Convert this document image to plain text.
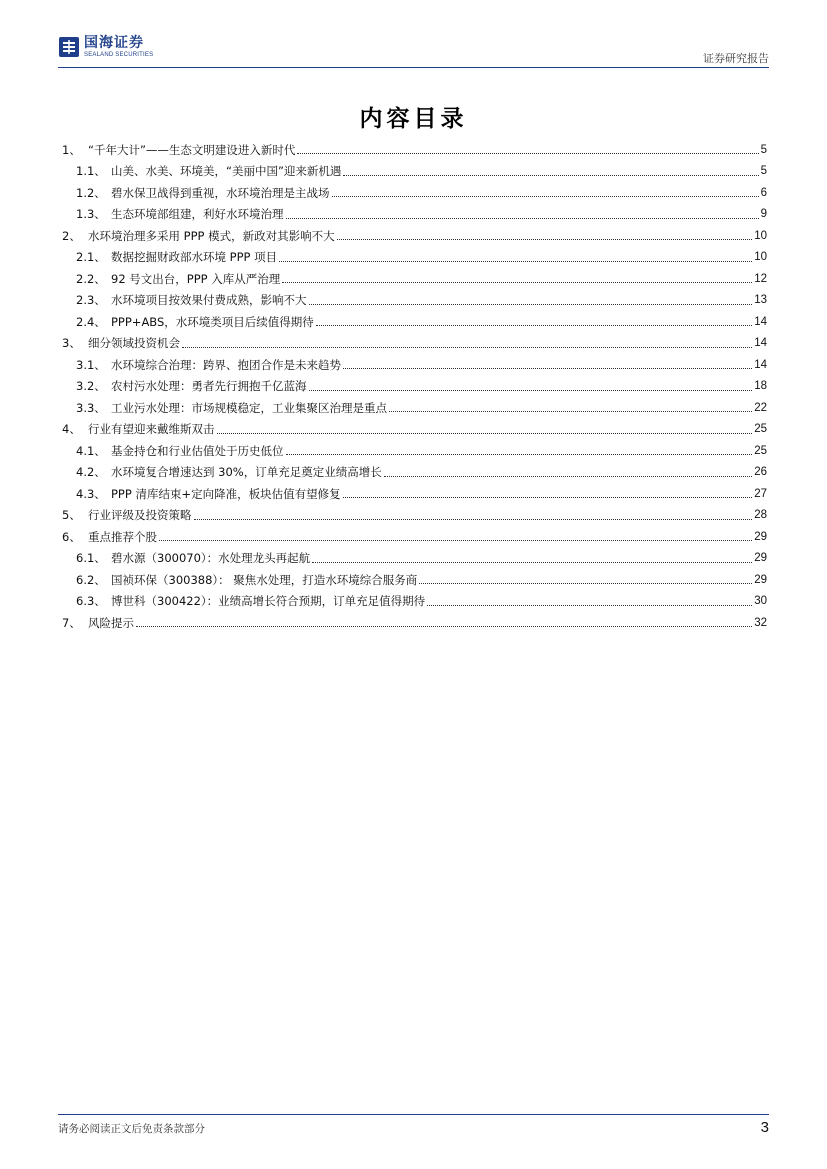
国海证券
SEALAND SECURITIES	证券研究报告
内容目录
1、 “千年大计”——生态文明建设进入新时代	5
1.1、 山美、水美、环境美，“美丽中国”迎来新机遇	5
1.2、 碧水保卫战得到重视，水环境治理是主战场	6
1.3、 生态环境部组建，利好水环境治理	9
2、 水环境治理多采用 PPP 模式，新政对其影响不大	10
2.1、 数据挖掘财政部水环境 PPP 项目	10
2.2、 92 号文出台，PPP 入库从严治理	12
2.3、 水环境项目按效果付费成熟，影响不大	13
2.4、 PPP+ABS，水环境类项目后续值得期待	14
3、 细分领域投资机会	14
3.1、 水环境综合治理：跨界、抱团合作是未来趋势	14
3.2、 农村污水处理：勇者先行拥抱千亿蓝海	18
3.3、 工业污水处理：市场规模稳定，工业集聚区治理是重点	22
4、 行业有望迎来戴维斯双击	25
4.1、 基金持仓和行业估值处于历史低位	25
4.2、 水环境复合增速达到 30%，订单充足奠定业绩高增长	26
4.3、 PPP 清库结束+定向降准，板块估值有望修复	27
5、 行业评级及投资策略	28
6、 重点推荐个股	29
6.1、 碧水源（300070）：水处理龙头再起航	29
6.2、 国祯环保（300388）： 聚焦水处理，打造水环境综合服务商	29
6.3、 博世科（300422）：业绩高增长符合预期，订单充足值得期待	30
7、 风险提示	32
请务必阅读正文后免责条款部分	3
